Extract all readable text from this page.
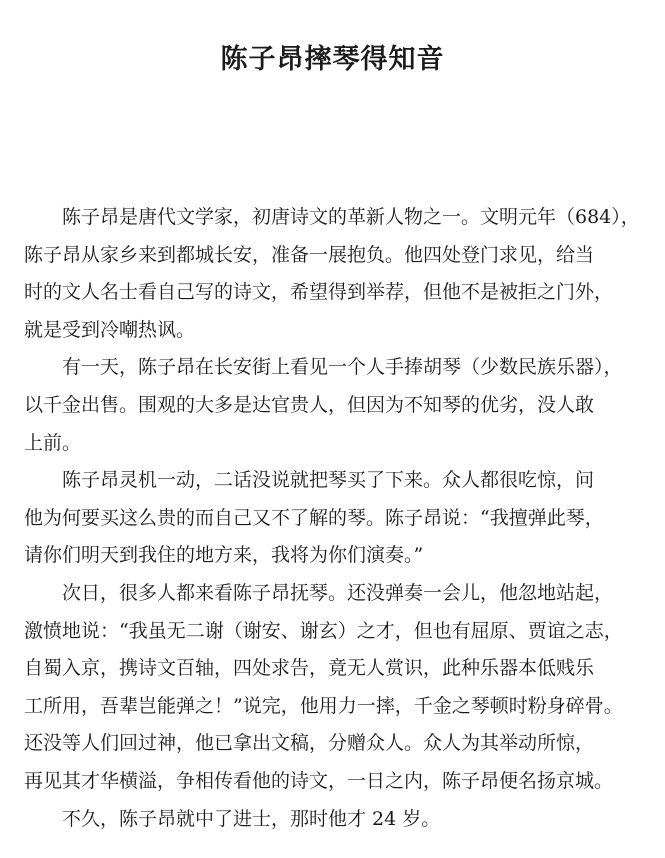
陈子昂摔琴得知音
陈子昂是唐代文学家，初唐诗文的革新人物之一。文明元年（684），
陈子昂从家乡来到都城长安，准备一展抱负。他四处登门求见，给当
时的文人名士看自己写的诗文，希望得到举荐，但他不是被拒之门外，
就是受到冷嘲热讽。
有一天，陈子昂在长安街上看见一个人手捧胡琴（少数民族乐器），
以千金出售。围观的大多是达官贵人，但因为不知琴的优劣，没人敢
上前。
陈子昂灵机一动，二话没说就把琴买了下来。众人都很吃惊，问
他为何要买这么贵的而自己又不了解的琴。陈子昂说：“我擅弹此琴，
请你们明天到我住的地方来，我将为你们演奏。”
次日，很多人都来看陈子昂抚琴。还没弹奏一会儿，他忽地站起，
激愤地说：“我虽无二谢（谢安、谢玄）之才，但也有屈原、贾谊之志，
自蜀入京，携诗文百轴，四处求告，竟无人赏识，此种乐器本低贱乐
工所用，吾辈岂能弹之！”说完，他用力一摔，千金之琴顿时粉身碎骨。
还没等人们回过神，他已拿出文稿，分赠众人。众人为其举动所惊，
再见其才华横溢，争相传看他的诗文，一日之内，陈子昂便名扬京城。
不久，陈子昂就中了进士，那时他才 24 岁。
